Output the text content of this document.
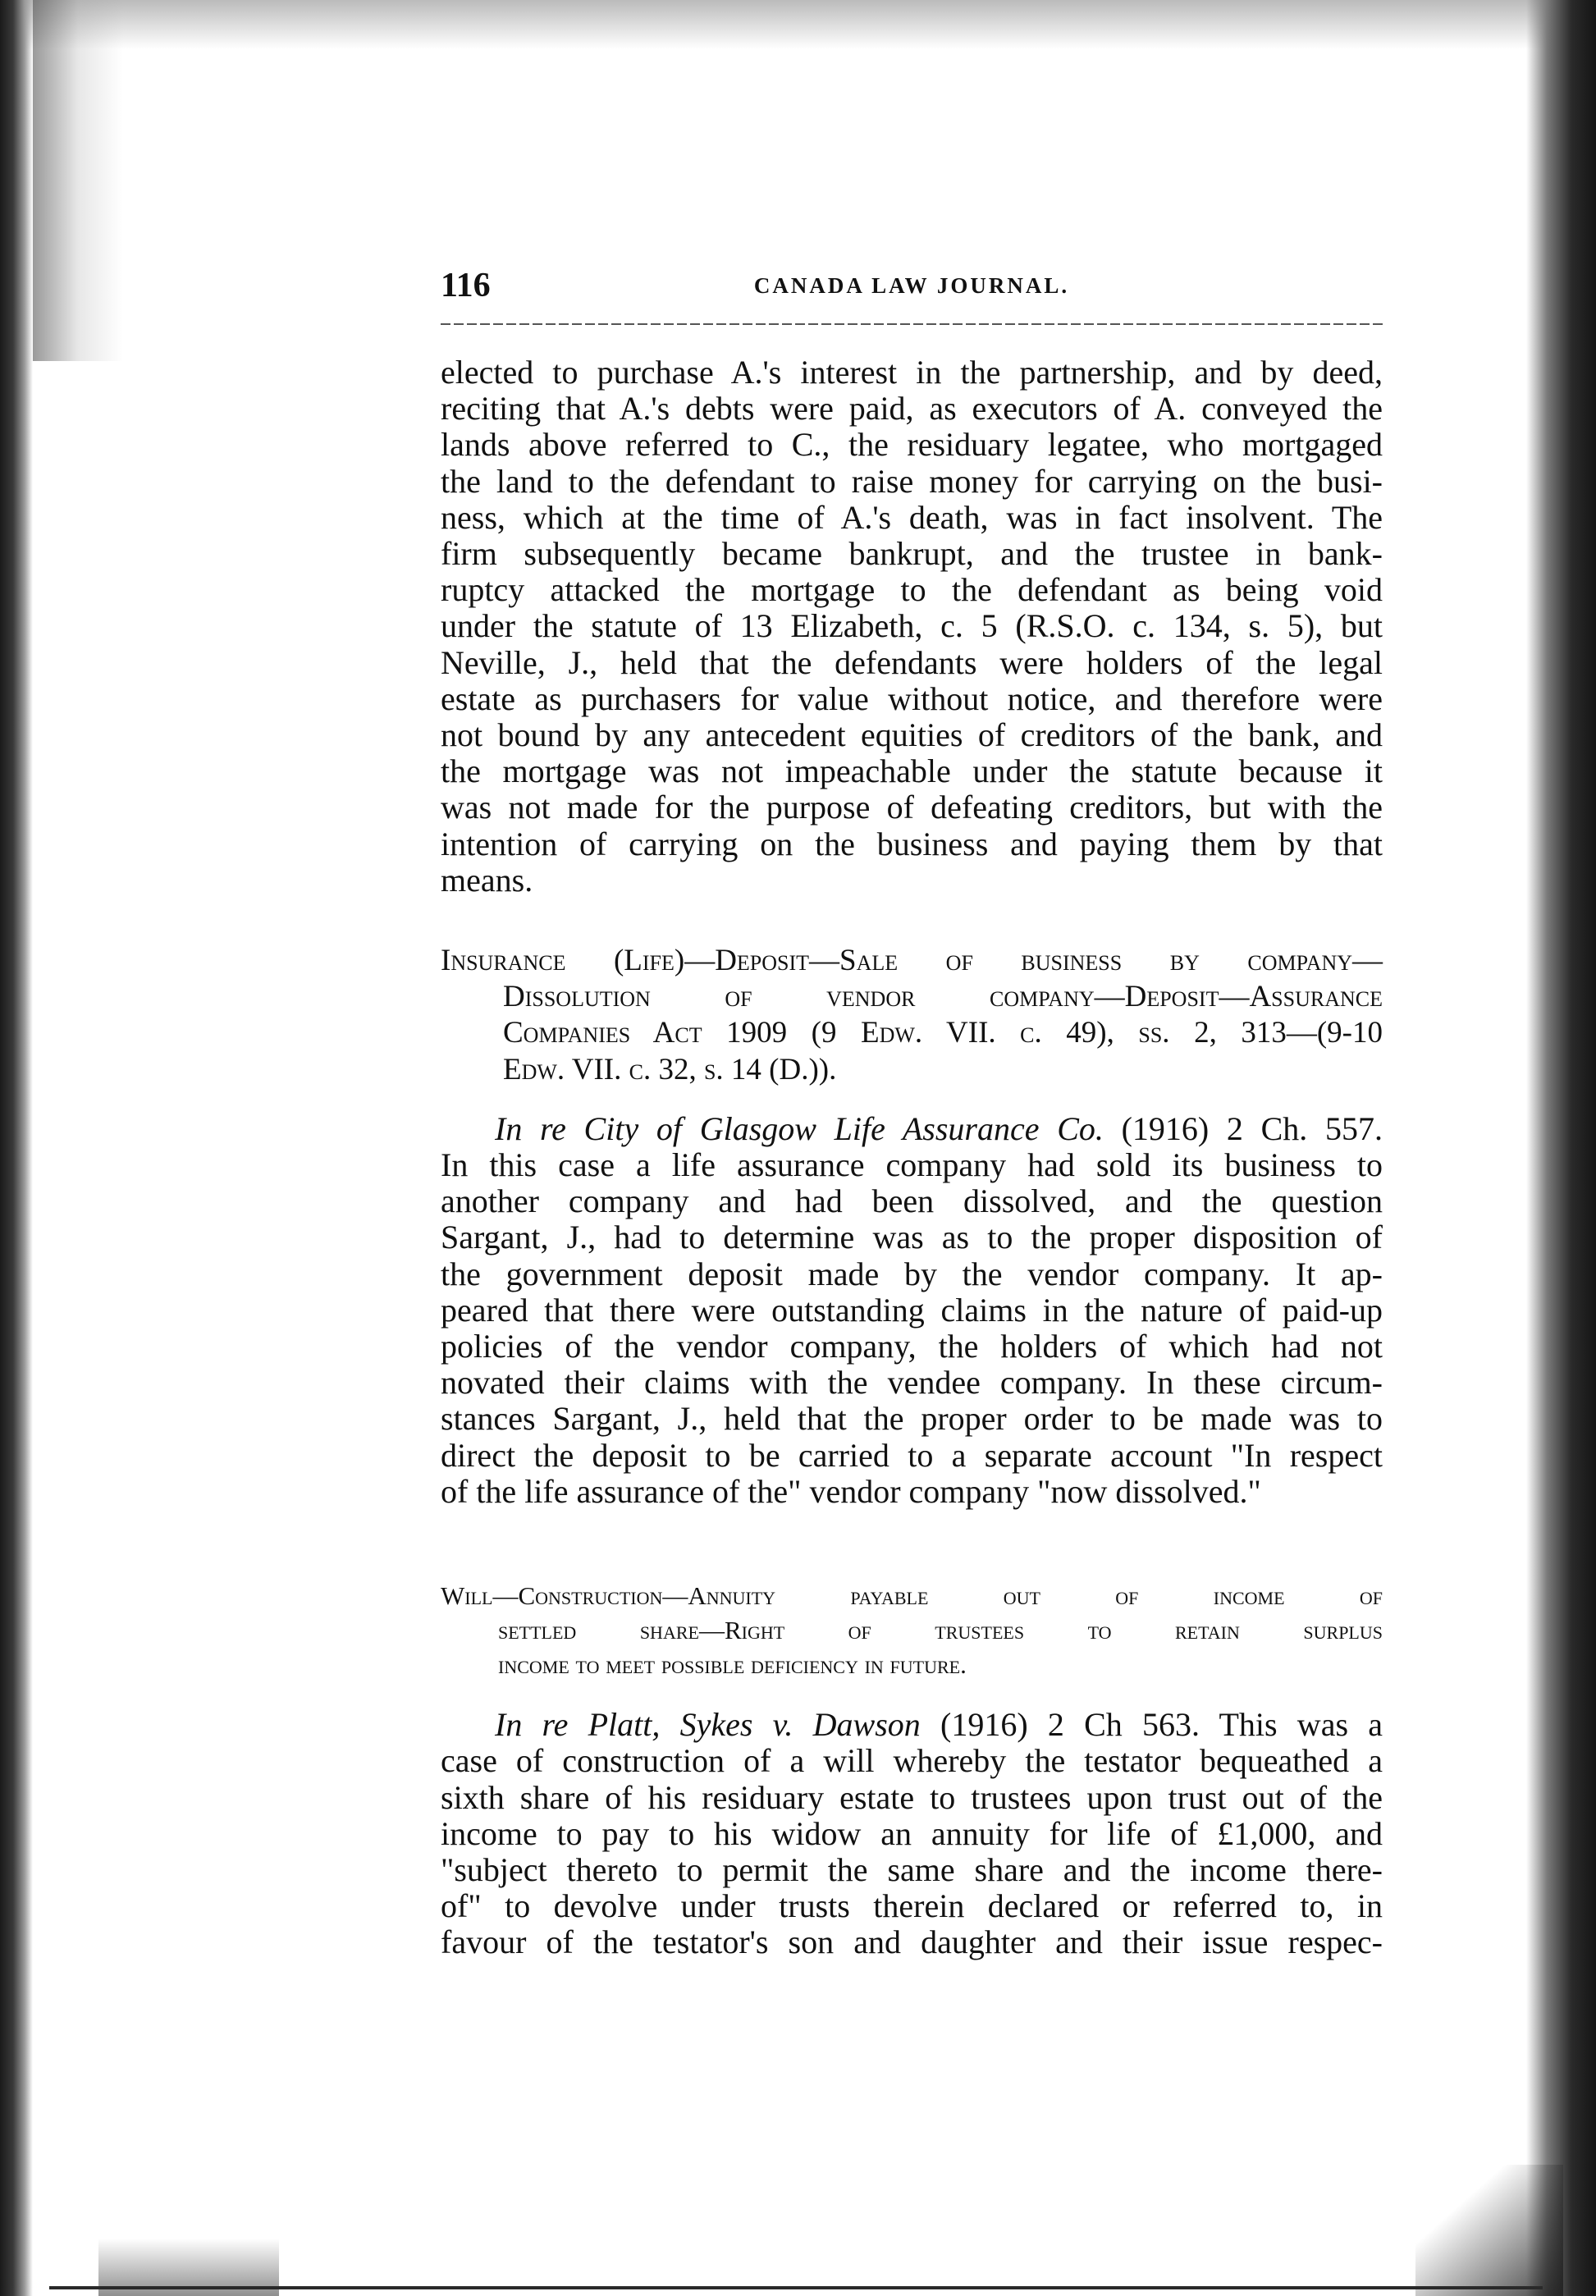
116	CANADA LAW JOURNAL.

elected to purchase A.'s interest in the partnership, and by deed,
reciting that A.'s debts were paid, as executors of A. conveyed the
lands above referred to C., the residuary legatee, who mortgaged
the land to the defendant to raise money for carrying on the busi-
ness, which at the time of A.'s death, was in fact insolvent. The
firm subsequently became bankrupt, and the trustee in bank-
ruptcy attacked the mortgage to the defendant as being void
under the statute of 13 Elizabeth, c. 5 (R.S.O. c. 134, s. 5), but
Neville, J., held that the defendants were holders of the legal
estate as purchasers for value without notice, and therefore were
not bound by any antecedent equities of creditors of the bank, and
the mortgage was not impeachable under the statute because it
was not made for the purpose of defeating creditors, but with the
intention of carrying on the business and paying them by that
means.

Insurance (Life)—Deposit—Sale of business by company—
Dissolution of vendor company—Deposit—Assurance
Companies Act 1909 (9 Edw. VII. c. 49), ss. 2, 313—(9-10
Edw. VII. c. 32, s. 14 (D.)).

In re City of Glasgow Life Assurance Co. (1916) 2 Ch. 557.
In this case a life assurance company had sold its business to
another company and had been dissolved, and the question
Sargant, J., had to determine was as to the proper disposition of
the government deposit made by the vendor company. It ap-
peared that there were outstanding claims in the nature of paid-up
policies of the vendor company, the holders of which had not
novated their claims with the vendee company. In these circum-
stances Sargant, J., held that the proper order to be made was to
direct the deposit to be carried to a separate account "In respect
of the life assurance of the" vendor company "now dissolved."

Will—Construction—Annuity payable out of income of
settled share—Right of trustees to retain surplus
income to meet possible deficiency in future.

In re Platt, Sykes v. Dawson (1916) 2 Ch 563. This was a
case of construction of a will whereby the testator bequeathed a
sixth share of his residuary estate to trustees upon trust out of the
income to pay to his widow an annuity for life of £1,000, and
"subject thereto to permit the same share and the income there-
of" to devolve under trusts therein declared or referred to, in
favour of the testator's son and daughter and their issue respec-
